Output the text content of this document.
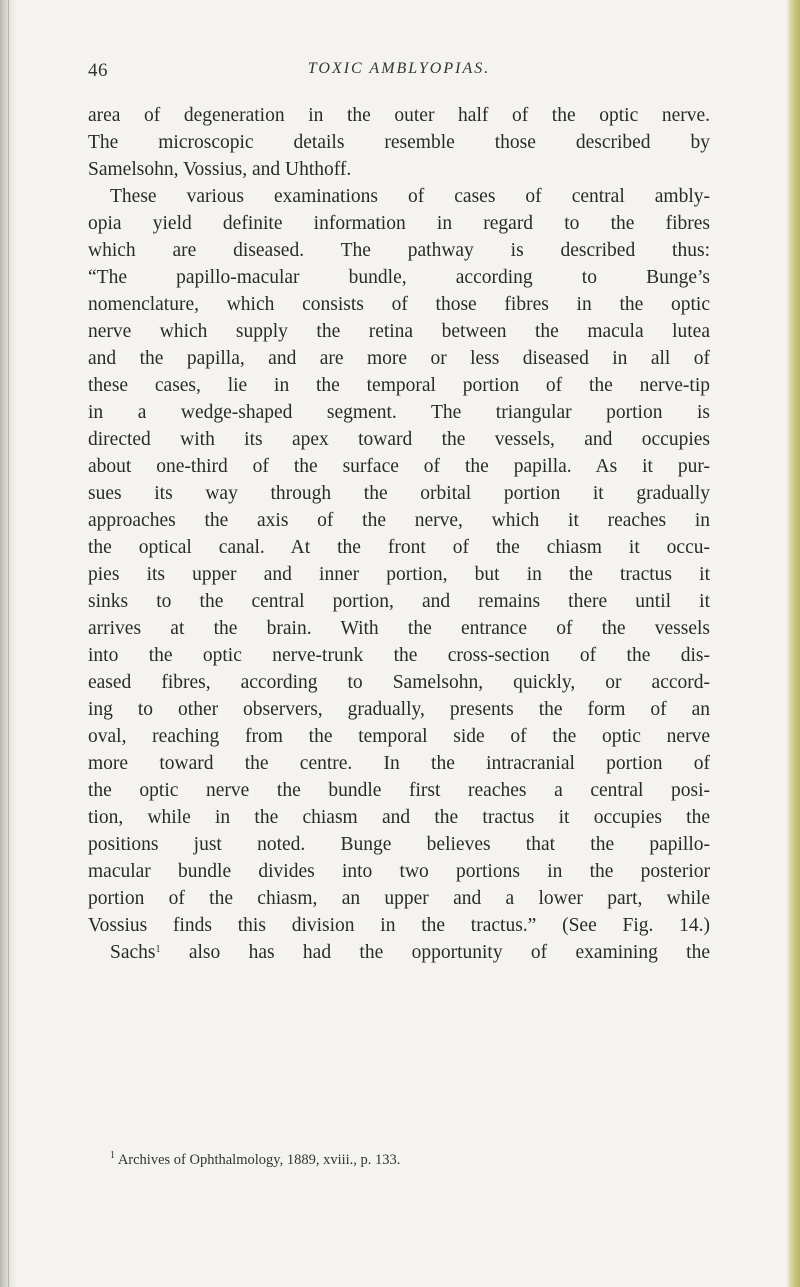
TOXIC AMBLYOPIAS.
46
area of degeneration in the outer half of the optic nerve.
The microscopic details resemble those described by
Samelsohn, Vossius, and Uhthoff.
These various examinations of cases of central ambly-
opia yield definite information in regard to the fibres
which are diseased. The pathway is described thus:
“The papillo-macular bundle, according to Bunge’s
nomenclature, which consists of those fibres in the optic
nerve which supply the retina between the macula lutea
and the papilla, and are more or less diseased in all of
these cases, lie in the temporal portion of the nerve-tip
in a wedge-shaped segment. The triangular portion is
directed with its apex toward the vessels, and occupies
about one-third of the surface of the papilla. As it pur-
sues its way through the orbital portion it gradually
approaches the axis of the nerve, which it reaches in
the optical canal. At the front of the chiasm it occu-
pies its upper and inner portion, but in the tractus it
sinks to the central portion, and remains there until it
arrives at the brain. With the entrance of the vessels
into the optic nerve-trunk the cross-section of the dis-
eased fibres, according to Samelsohn, quickly, or accord-
ing to other observers, gradually, presents the form of an
oval, reaching from the temporal side of the optic nerve
more toward the centre. In the intracranial portion of
the optic nerve the bundle first reaches a central posi-
tion, while in the chiasm and the tractus it occupies the
positions just noted. Bunge believes that the papillo-
macular bundle divides into two portions in the posterior
portion of the chiasm, an upper and a lower part, while
Vossius finds this division in the tractus.” (See Fig. 14.)
Sachs$^1$ also has had the opportunity of examining the
$^1$ Archives of Ophthalmology, 1889, xviii., p. 133.
